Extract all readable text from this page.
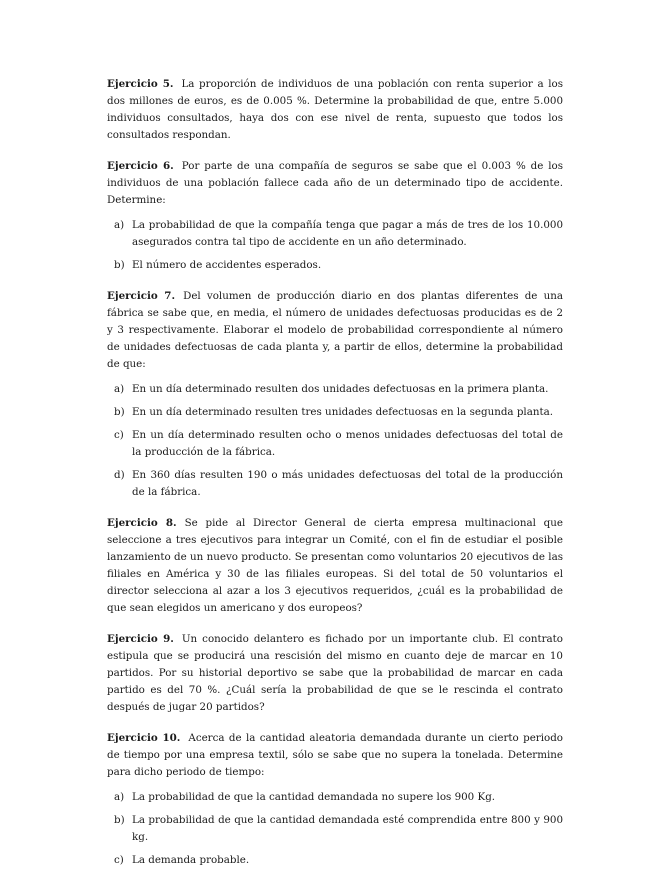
Ejercicio 5. La proporción de individuos de una población con renta superior a los dos millones de euros, es de 0.005 %. Determine la probabilidad de que, entre 5.000 individuos consultados, haya dos con ese nivel de renta, supuesto que todos los consultados respondan.

Ejercicio 6. Por parte de una compañía de seguros se sabe que el 0.003 % de los individuos de una población fallece cada año de un determinado tipo de accidente. Determine:

a) La probabilidad de que la compañía tenga que pagar a más de tres de los 10.000 asegurados contra tal tipo de accidente en un año determinado.
b) El número de accidentes esperados.

Ejercicio 7. Del volumen de producción diario en dos plantas diferentes de una fábrica se sabe que, en media, el número de unidades defectuosas producidas es de 2 y 3 respectivamente. Elaborar el modelo de probabilidad correspondiente al número de unidades defectuosas de cada planta y, a partir de ellos, determine la probabilidad de que:

a) En un día determinado resulten dos unidades defectuosas en la primera planta.
b) En un día determinado resulten tres unidades defectuosas en la segunda planta.
c) En un día determinado resulten ocho o menos unidades defectuosas del total de la producción de la fábrica.
d) En 360 días resulten 190 o más unidades defectuosas del total de la producción de la fábrica.

Ejercicio 8. Se pide al Director General de cierta empresa multinacional que seleccione a tres ejecutivos para integrar un Comité, con el fin de estudiar el posible lanzamiento de un nuevo producto. Se presentan como voluntarios 20 ejecutivos de las filiales en América y 30 de las filiales europeas. Si del total de 50 voluntarios el director selecciona al azar a los 3 ejecutivos requeridos, ¿cuál es la probabilidad de que sean elegidos un americano y dos europeos?

Ejercicio 9. Un conocido delantero es fichado por un importante club. El contrato estipula que se producirá una rescisión del mismo en cuanto deje de marcar en 10 partidos. Por su historial deportivo se sabe que la probabilidad de marcar en cada partido es del 70 %. ¿Cuál sería la probabilidad de que se le rescinda el contrato después de jugar 20 partidos?

Ejercicio 10. Acerca de la cantidad aleatoria demandada durante un cierto periodo de tiempo por una empresa textil, sólo se sabe que no supera la tonelada. Determine para dicho periodo de tiempo:

a) La probabilidad de que la cantidad demandada no supere los 900 Kg.
b) La probabilidad de que la cantidad demandada esté comprendida entre 800 y 900 kg.
c) La demanda probable.
